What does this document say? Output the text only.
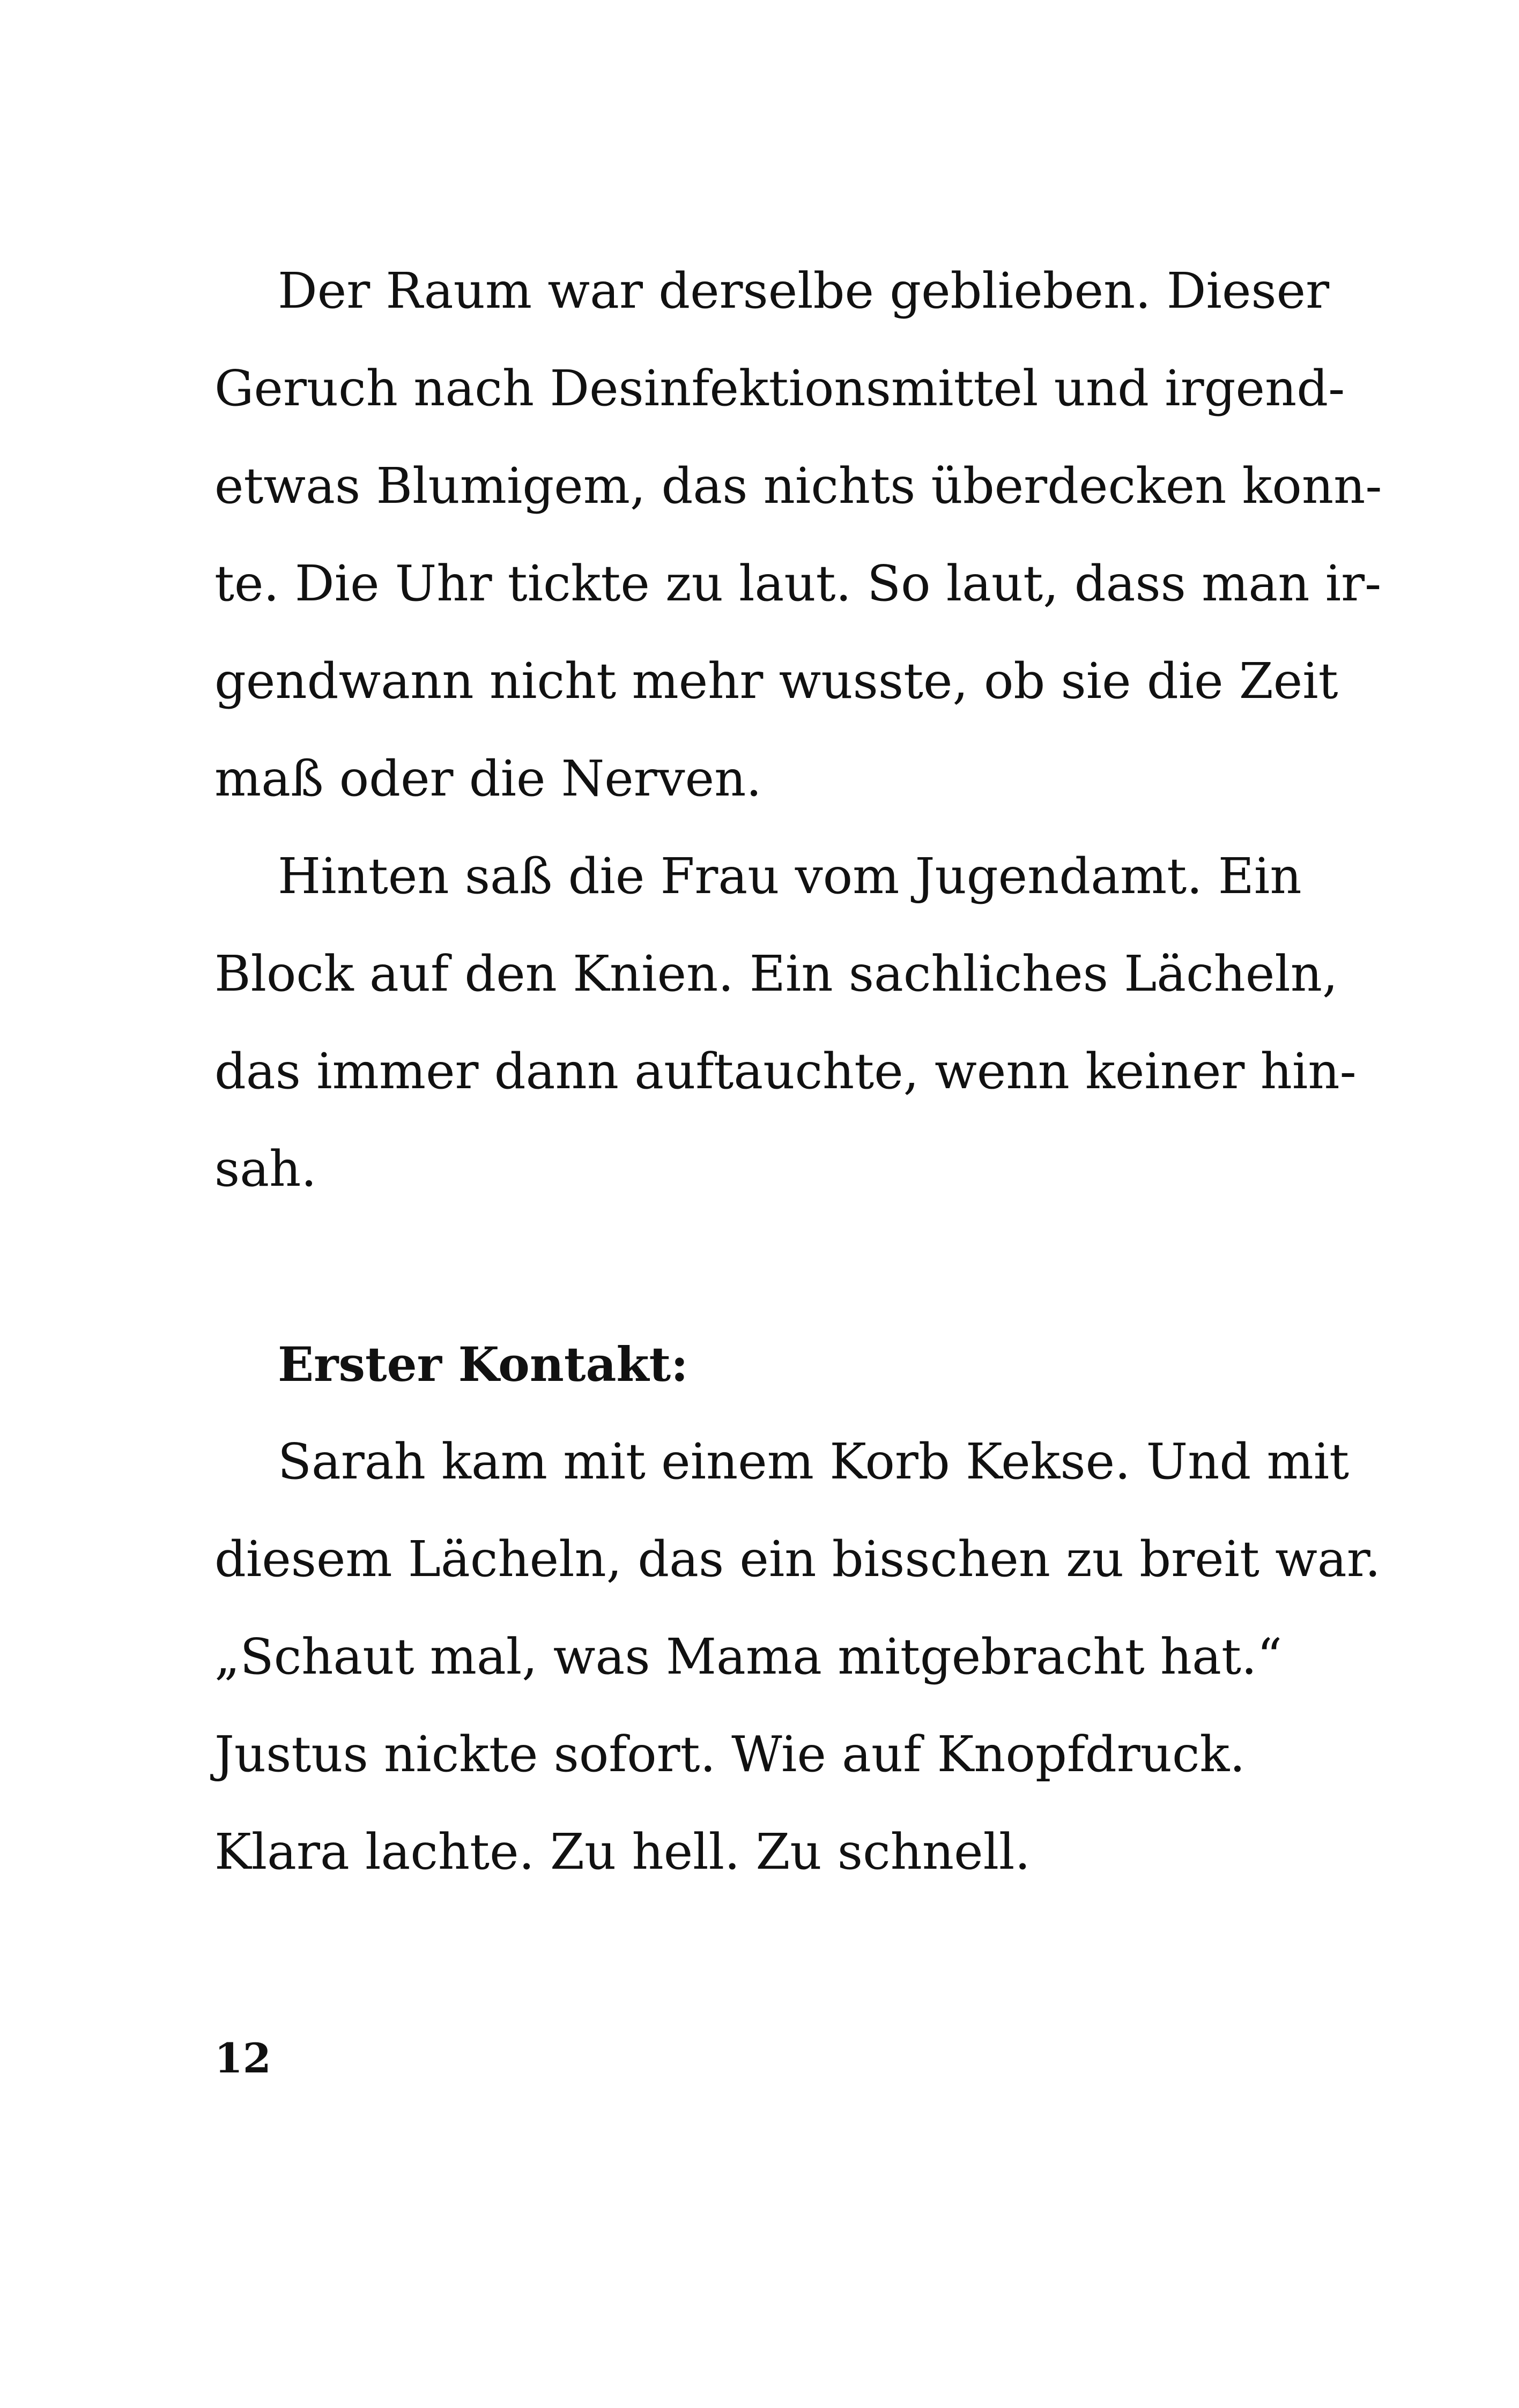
Der Raum war derselbe geblieben. Dieser
Geruch nach Desinfektionsmittel und irgend-
etwas Blumigem, das nichts überdecken konn-
te. Die Uhr tickte zu laut. So laut, dass man ir-
gendwann nicht mehr wusste, ob sie die Zeit
maß oder die Nerven.
Hinten saß die Frau vom Jugendamt. Ein
Block auf den Knien. Ein sachliches Lächeln,
das immer dann auftauchte, wenn keiner hin-
sah.
Erster Kontakt:
Sarah kam mit einem Korb Kekse. Und mit
diesem Lächeln, das ein bisschen zu breit war.
„Schaut mal, was Mama mitgebracht hat.“
Justus nickte sofort. Wie auf Knopfdruck.
Klara lachte. Zu hell. Zu schnell.
12
